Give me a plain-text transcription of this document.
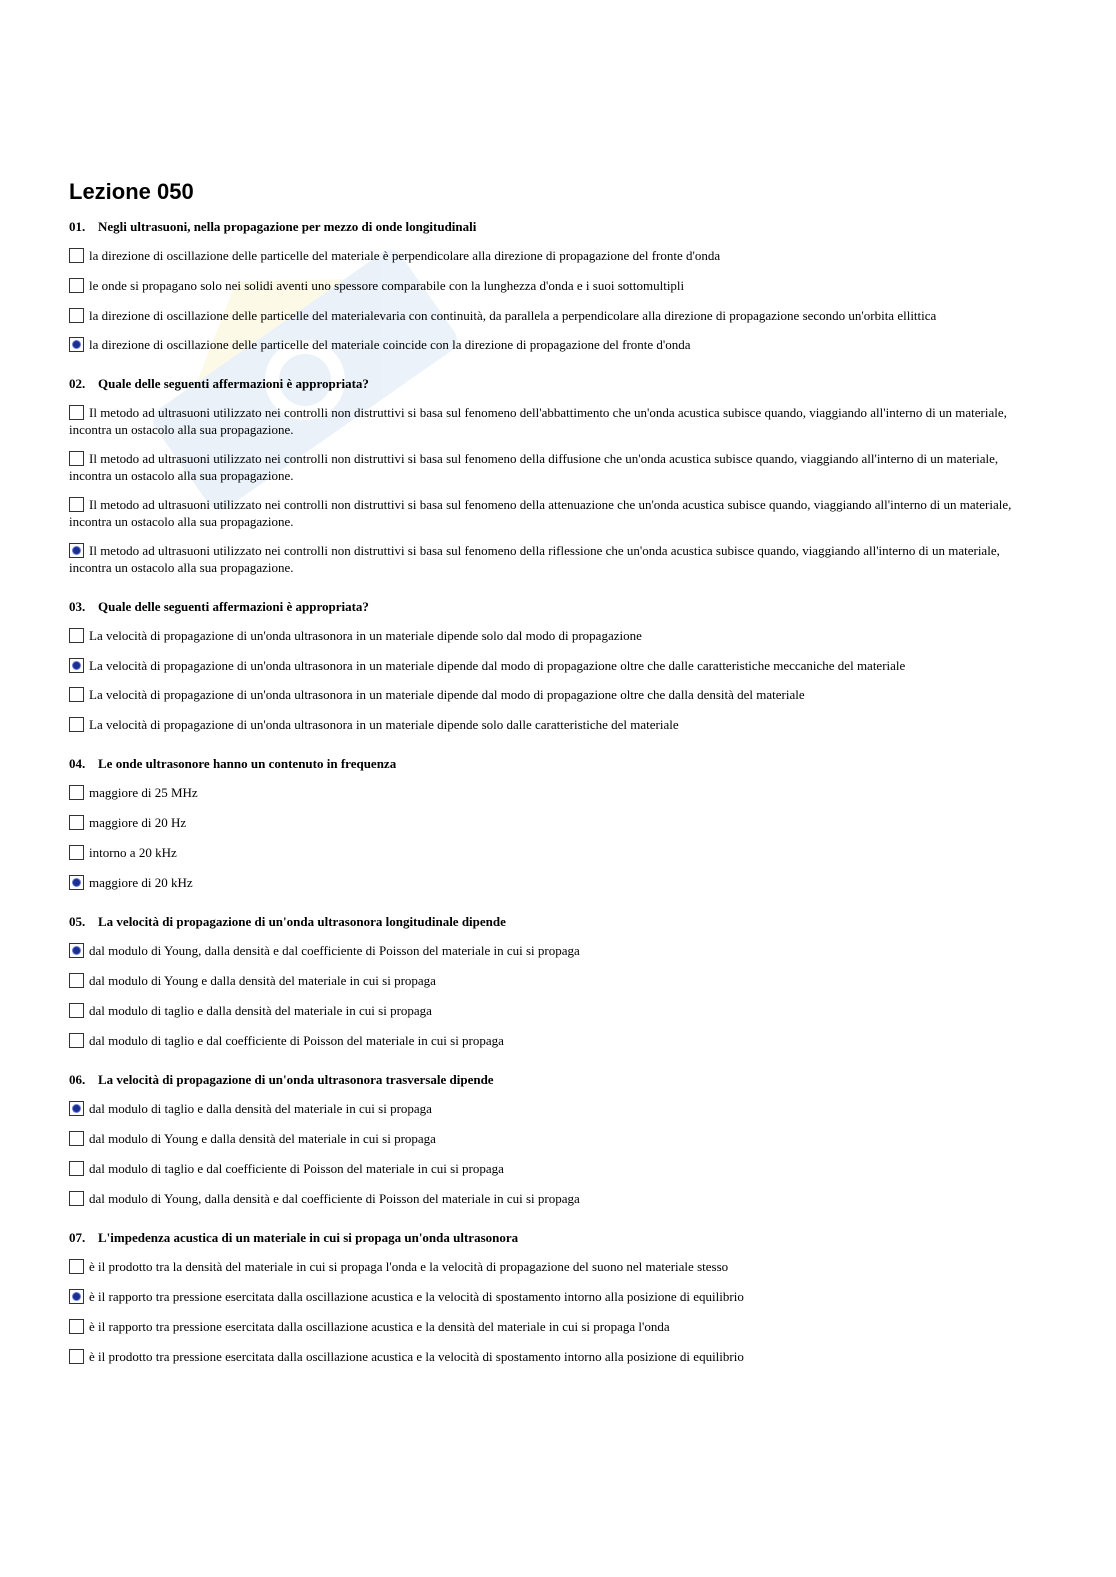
Lezione 050
01. Negli ultrasuoni, nella propagazione per mezzo di onde longitudinali
la direzione di oscillazione delle particelle del materiale è perpendicolare alla direzione di propagazione del fronte d'onda
le onde si propagano solo nei solidi aventi uno spessore comparabile con la lunghezza d'onda e i suoi sottomultipli
la direzione di oscillazione delle particelle del materialevaria con continuità, da parallela a perpendicolare alla direzione di propagazione secondo un'orbita ellittica
la direzione di oscillazione delle particelle del materiale coincide con la direzione di propagazione del fronte d'onda
02. Quale delle seguenti affermazioni è appropriata?
Il metodo ad ultrasuoni utilizzato nei controlli non distruttivi si basa sul fenomeno dell'abbattimento che un'onda acustica subisce quando, viaggiando all'interno di un materiale, incontra un ostacolo alla sua propagazione.
Il metodo ad ultrasuoni utilizzato nei controlli non distruttivi si basa sul fenomeno della diffusione che un'onda acustica subisce quando, viaggiando all'interno di un materiale, incontra un ostacolo alla sua propagazione.
Il metodo ad ultrasuoni utilizzato nei controlli non distruttivi si basa sul fenomeno della attenuazione che un'onda acustica subisce quando, viaggiando all'interno di un materiale, incontra un ostacolo alla sua propagazione.
Il metodo ad ultrasuoni utilizzato nei controlli non distruttivi si basa sul fenomeno della riflessione che un'onda acustica subisce quando, viaggiando all'interno di un materiale, incontra un ostacolo alla sua propagazione.
03. Quale delle seguenti affermazioni è appropriata?
La velocità di propagazione di un'onda ultrasonora in un materiale dipende solo dal modo di propagazione
La velocità di propagazione di un'onda ultrasonora in un materiale dipende dal modo di propagazione oltre che dalle caratteristiche meccaniche del materiale
La velocità di propagazione di un'onda ultrasonora in un materiale dipende dal modo di propagazione oltre che dalla densità del materiale
La velocità di propagazione di un'onda ultrasonora in un materiale dipende solo dalle caratteristiche del materiale
04. Le onde ultrasonore hanno un contenuto in frequenza
maggiore di 25 MHz
maggiore di 20 Hz
intorno a 20 kHz
maggiore di 20 kHz
05. La velocità di propagazione di un'onda ultrasonora longitudinale dipende
dal modulo di Young, dalla densità e dal coefficiente di Poisson del materiale in cui si propaga
dal modulo di Young e dalla densità del materiale in cui si propaga
dal modulo di taglio e dalla densità del materiale in cui si propaga
dal modulo di taglio e dal coefficiente di Poisson del materiale in cui si propaga
06. La velocità di propagazione di un'onda ultrasonora trasversale dipende
dal modulo di taglio e dalla densità del materiale in cui si propaga
dal modulo di Young e dalla densità del materiale in cui si propaga
dal modulo di taglio e dal coefficiente di Poisson del materiale in cui si propaga
dal modulo di Young, dalla densità e dal coefficiente di Poisson del materiale in cui si propaga
07. L'impedenza acustica di un materiale in cui si propaga un'onda ultrasonora
è il prodotto tra la densità del materiale in cui si propaga l'onda e la velocità di propagazione del suono nel materiale stesso
è il rapporto tra pressione esercitata dalla oscillazione acustica e la velocità di spostamento intorno alla posizione di equilibrio
è il rapporto tra pressione esercitata dalla oscillazione acustica e la densità del materiale in cui si propaga l'onda
è il prodotto tra pressione esercitata dalla oscillazione acustica e la velocità di spostamento intorno alla posizione di equilibrio
